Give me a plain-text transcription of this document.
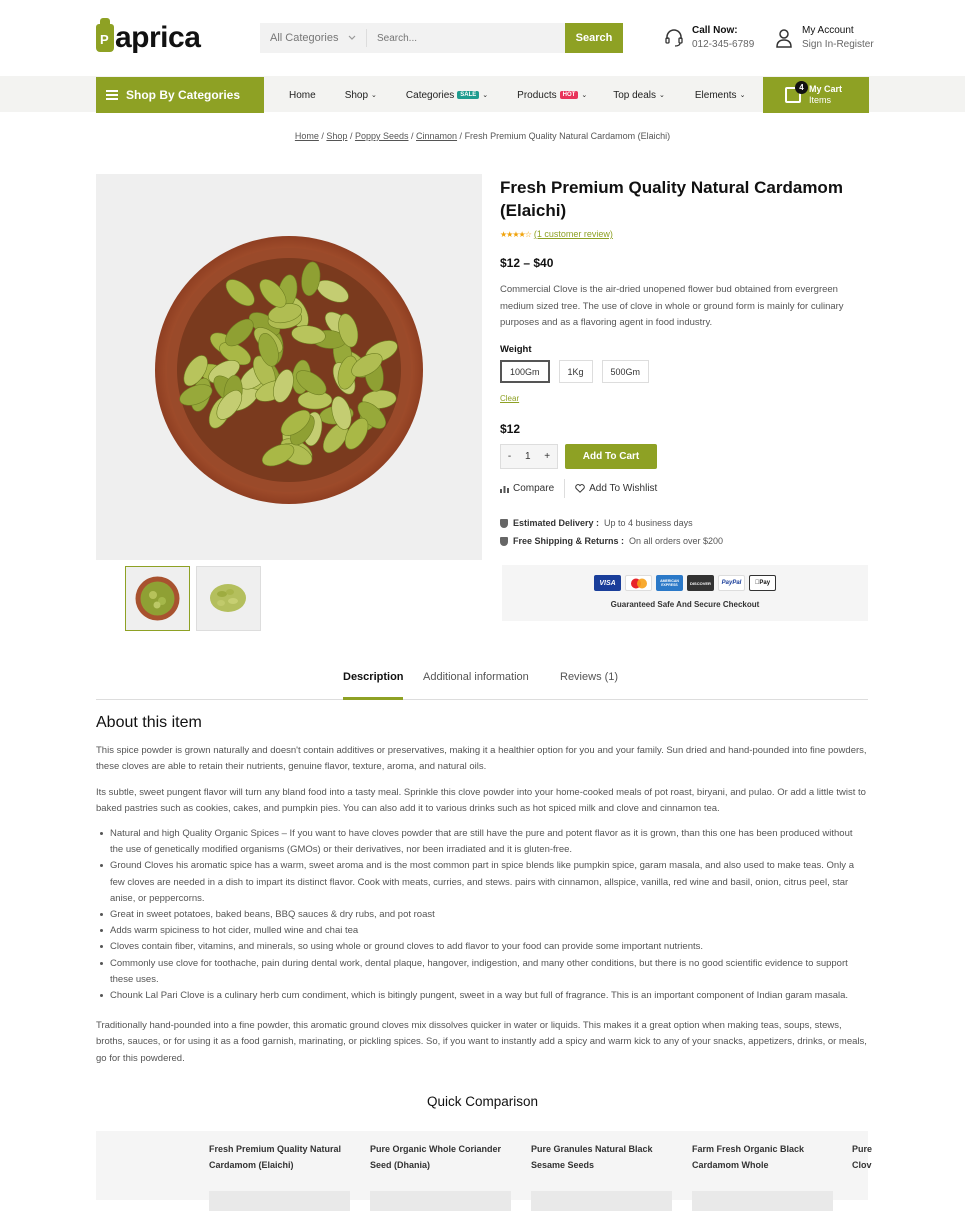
P aprica	All Categories
Search...	Search
Call Now:
012-345-6789
My Account
Sign In-Register
Shop By Categories	Home	Shop ⌄	Categories	SALE ⌄	Products	HOT ⌄	Top deals ⌄	Elements ⌄
4 My Cart
Items
Home / Shop / Poppy Seeds / Cinnamon / Fresh Premium Quality Natural Cardamom (Elaichi)
Fresh Premium Quality Natural Cardamom (Elaichi)
★★★★☆ (1 customer review)
$12 – $40
Commercial Clove is the air-dried unopened flower bud obtained from evergreen medium sized tree. The use of clove in whole or ground form is mainly for culinary purposes and as a flavoring agent in food industry.
Weight
100Gm	1Kg	500Gm
Clear
$12
- 1 +	Add To Cart
Compare	Add To Wishlist
Estimated Delivery : Up to 4 business days
Free Shipping & Returns : On all orders over $200
VISA	AMERICAN EXPRESS	DISCOVER	PayPal	Pay
Guaranteed Safe And Secure Checkout
Description Additional information	Reviews (1)
About this item
This spice powder is grown naturally and doesn't contain additives or preservatives, making it a healthier option for you and your family. Sun dried and hand-pounded into fine powders, these cloves are able to retain their nutrients, genuine flavor, texture, aroma, and natural oils.
Its subtle, sweet pungent flavor will turn any bland food into a tasty meal. Sprinkle this clove powder into your home-cooked meals of pot roast, biryani, and pulao. Or add a little twist to baked pastries such as cookies, cakes, and pumpkin pies. You can also add it to various drinks such as hot spiced milk and clove and cinnamon tea.
Natural and high Quality Organic Spices – If you want to have cloves powder that are still have the pure and potent flavor as it is grown, than this one has been produced without the use of genetically modified organisms (GMOs) or their derivatives, nor been irradiated and it is gluten-free.
Ground Cloves his aromatic spice has a warm, sweet aroma and is the most common part in spice blends like pumpkin spice, garam masala, and also used to make teas. Only a few cloves are needed in a dish to impart its distinct flavor. Cook with meats, curries, and stews. pairs with cinnamon, allspice, vanilla, red wine and basil, onion, citrus peel, star anise, or peppercorns.
Great in sweet potatoes, baked beans, BBQ sauces & dry rubs, and pot roast
Adds warm spiciness to hot cider, mulled wine and chai tea
Cloves contain fiber, vitamins, and minerals, so using whole or ground cloves to add flavor to your food can provide some important nutrients.
Commonly use clove for toothache, pain during dental work, dental plaque, hangover, indigestion, and many other conditions, but there is no good scientific evidence to support these uses.
Chounk Lal Pari Clove is a culinary herb cum condiment, which is bitingly pungent, sweet in a way but full of fragrance. This is an important component of Indian garam masala.
Traditionally hand-pounded into a fine powder, this aromatic ground cloves mix dissolves quicker in water or liquids. This makes it a great option when making teas, soups, stews, broths, sauces, or for using it as a food garnish, marinating, or pickling spices. So, if you want to instantly add a spicy and warm kick to any of your snacks, appetizers, drinks, or meals, go for this powdered.
Quick Comparison
Fresh Premium Quality Natural Cardamom (Elaichi)
Pure Organic Whole Coriander Seed (Dhania)
Pure Granules Natural Black Sesame Seeds
Farm Fresh Organic Black Cardamom Whole
Pure Clov
